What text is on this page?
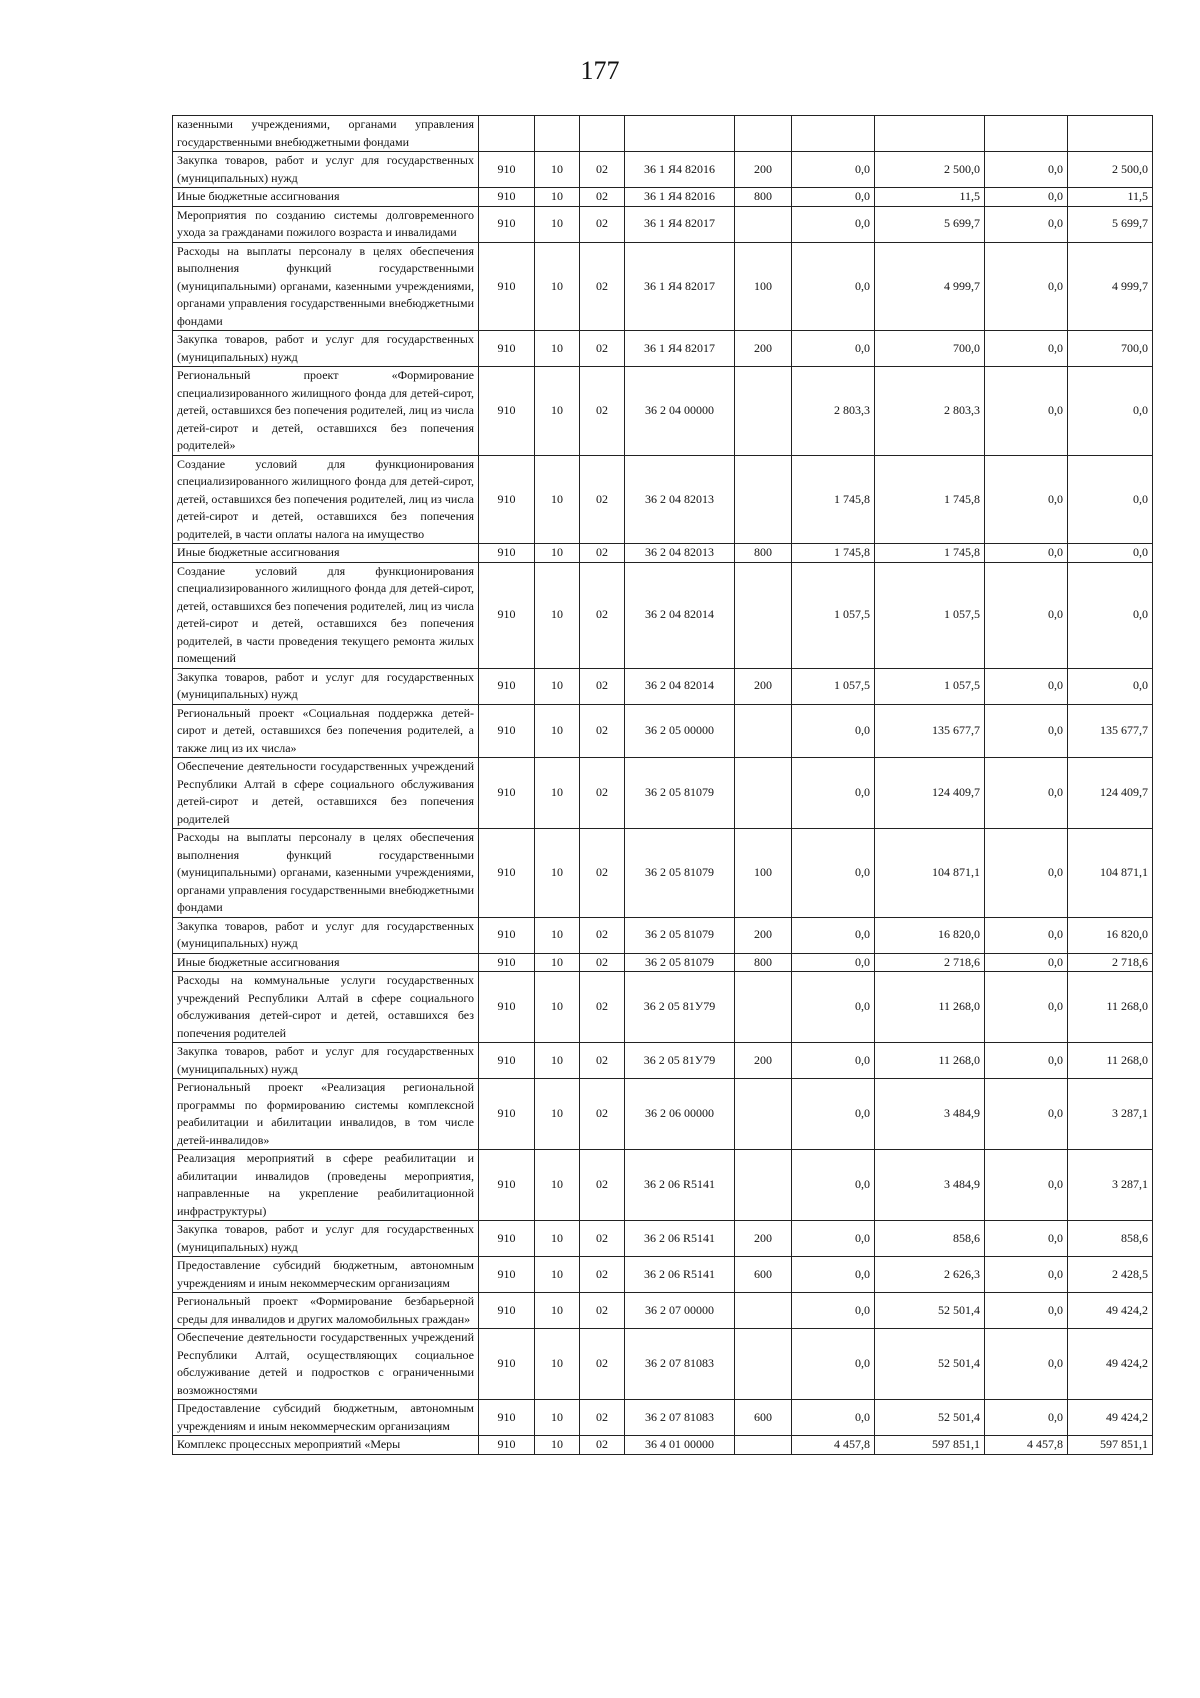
177
казенными учреждениями, органами управления государственными внебюджетными фондами									
Закупка товаров, работ и услуг для государственных (муниципальных) нужд	910	10	02	36 1 Я4 82016	200	0,0	2 500,0	0,0	2 500,0
Иные бюджетные ассигнования	910	10	02	36 1 Я4 82016	800	0,0	11,5	0,0	11,5
Мероприятия по созданию системы долговременного ухода за гражданами пожилого возраста и инвалидами	910	10	02	36 1 Я4 82017		0,0	5 699,7	0,0	5 699,7
Расходы на выплаты персоналу в целях обеспечения выполнения функций государственными (муниципальными) органами, казенными учреждениями, органами управления государственными внебюджетными фондами	910	10	02	36 1 Я4 82017	100	0,0	4 999,7	0,0	4 999,7
Закупка товаров, работ и услуг для государственных (муниципальных) нужд	910	10	02	36 1 Я4 82017	200	0,0	700,0	0,0	700,0
Региональный проект «Формирование специализированного жилищного фонда для детей-сирот, детей, оставшихся без попечения родителей, лиц из числа детей-сирот и детей, оставшихся без попечения родителей»	910	10	02	36 2 04 00000		2 803,3	2 803,3	0,0	0,0
Создание условий для функционирования специализированного жилищного фонда для детей-сирот, детей, оставшихся без попечения родителей, лиц из числа детей-сирот и детей, оставшихся без попечения родителей, в части оплаты налога на имущество	910	10	02	36 2 04 82013		1 745,8	1 745,8	0,0	0,0
Иные бюджетные ассигнования	910	10	02	36 2 04 82013	800	1 745,8	1 745,8	0,0	0,0
Создание условий для функционирования специализированного жилищного фонда для детей-сирот, детей, оставшихся без попечения родителей, лиц из числа детей-сирот и детей, оставшихся без попечения родителей, в части проведения текущего ремонта жилых помещений	910	10	02	36 2 04 82014		1 057,5	1 057,5	0,0	0,0
Закупка товаров, работ и услуг для государственных (муниципальных) нужд	910	10	02	36 2 04 82014	200	1 057,5	1 057,5	0,0	0,0
Региональный проект «Социальная поддержка детей-сирот и детей, оставшихся без попечения родителей, а также лиц из их числа»	910	10	02	36 2 05 00000		0,0	135 677,7	0,0	135 677,7
Обеспечение деятельности государственных учреждений Республики Алтай в сфере социального обслуживания детей-сирот и детей, оставшихся без попечения родителей	910	10	02	36 2 05 81079		0,0	124 409,7	0,0	124 409,7
Расходы на выплаты персоналу в целях обеспечения выполнения функций государственными (муниципальными) органами, казенными учреждениями, органами управления государственными внебюджетными фондами	910	10	02	36 2 05 81079	100	0,0	104 871,1	0,0	104 871,1
Закупка товаров, работ и услуг для государственных (муниципальных) нужд	910	10	02	36 2 05 81079	200	0,0	16 820,0	0,0	16 820,0
Иные бюджетные ассигнования	910	10	02	36 2 05 81079	800	0,0	2 718,6	0,0	2 718,6
Расходы на коммунальные услуги государственных учреждений Республики Алтай в сфере социального обслуживания детей-сирот и детей, оставшихся без попечения родителей	910	10	02	36 2 05 81У79		0,0	11 268,0	0,0	11 268,0
Закупка товаров, работ и услуг для государственных (муниципальных) нужд	910	10	02	36 2 05 81У79	200	0,0	11 268,0	0,0	11 268,0
Региональный проект «Реализация региональной программы по формированию системы комплексной реабилитации и абилитации инвалидов, в том числе детей-инвалидов»	910	10	02	36 2 06 00000		0,0	3 484,9	0,0	3 287,1
Реализация мероприятий в сфере реабилитации и абилитации инвалидов (проведены мероприятия, направленные на укрепление реабилитационной инфраструктуры)	910	10	02	36 2 06 R5141		0,0	3 484,9	0,0	3 287,1
Закупка товаров, работ и услуг для государственных (муниципальных) нужд	910	10	02	36 2 06 R5141	200	0,0	858,6	0,0	858,6
Предоставление субсидий бюджетным, автономным учреждениям и иным некоммерческим организациям	910	10	02	36 2 06 R5141	600	0,0	2 626,3	0,0	2 428,5
Региональный проект «Формирование безбарьерной среды для инвалидов и других маломобильных граждан»	910	10	02	36 2 07 00000		0,0	52 501,4	0,0	49 424,2
Обеспечение деятельности государственных учреждений Республики Алтай, осуществляющих социальное обслуживание детей и подростков с ограниченными возможностями	910	10	02	36 2 07 81083		0,0	52 501,4	0,0	49 424,2
Предоставление субсидий бюджетным, автономным учреждениям и иным некоммерческим организациям	910	10	02	36 2 07 81083	600	0,0	52 501,4	0,0	49 424,2
Комплекс процессных мероприятий «Меры	910	10	02	36 4 01 00000		4 457,8	597 851,1	4 457,8	597 851,1
